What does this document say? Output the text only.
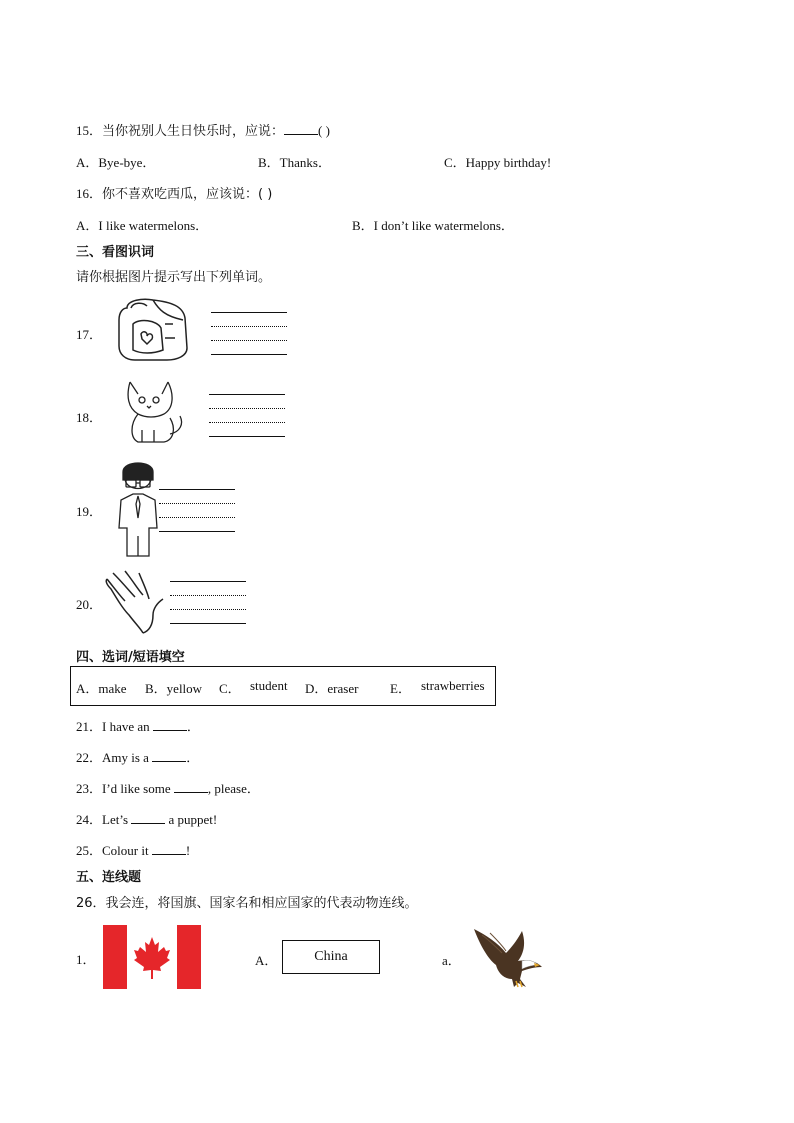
15．当你祝别人生日快乐时，应说：	( )
A．Bye-bye．	B．Thanks．	C．Happy birthday!
16．你不喜欢吃西瓜，应该说：( )
A．I like watermelons．	B．I don’t like watermelons．
三、看图识词
请你根据图片提示写出下列单词。
17．
18．
19．
20．
四、选词/短语填空
A．make B．yellow C． student D．eraser E． strawberries
21．I have an	．
22．Amy is a	．
23．I’d like some	, please．
24．Let’s	a puppet!
25．Colour it	!
五、连线题
26．我会连，将国旗、国家名和相应国家的代表动物连线。
1．	A．	China	a．
